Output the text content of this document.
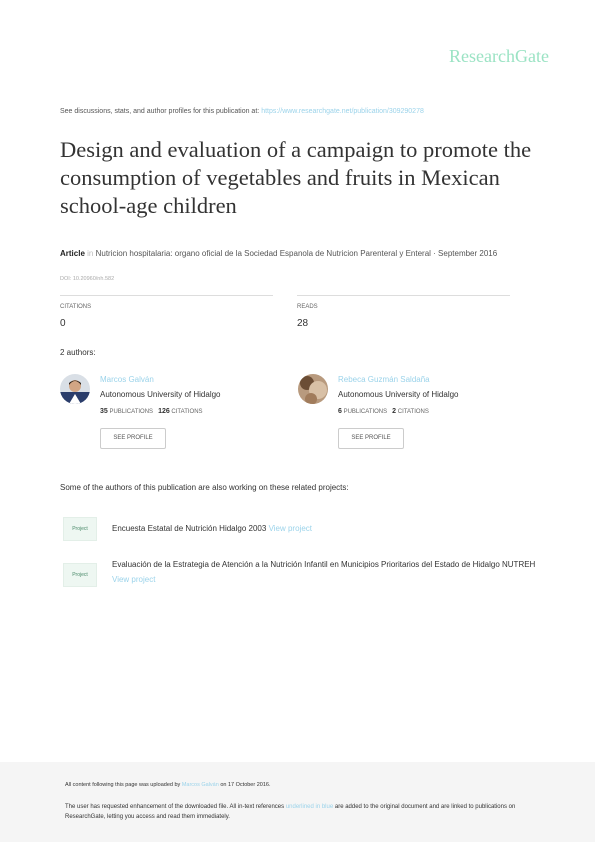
ResearchGate
See discussions, stats, and author profiles for this publication at: https://www.researchgate.net/publication/309290278
Design and evaluation of a campaign to promote the consumption of vegetables and fruits in Mexican school-age children
Article in Nutricion hospitalaria: organo oficial de la Sociedad Espanola de Nutricion Parenteral y Enteral · September 2016
DOI: 10.20960/nh.582
CITATIONS
0
READS
28
2 authors:
Marcos Galván
Autonomous University of Hidalgo
35 PUBLICATIONS 126 CITATIONS
SEE PROFILE
Rebeca Guzmán Saldaña
Autonomous University of Hidalgo
6 PUBLICATIONS 2 CITATIONS
SEE PROFILE
Some of the authors of this publication are also working on these related projects:
Project	Encuesta Estatal de Nutrición Hidalgo 2003 View project
Project
Evaluación de la Estrategia de Atención a la Nutrición Infantil en Municipios Prioritarios del Estado de Hidalgo NUTREH View project
All content following this page was uploaded by Marcos Galván on 17 October 2016.
The user has requested enhancement of the downloaded file. All in-text references underlined in blue are added to the original document and are linked to publications on ResearchGate, letting you access and read them immediately.
